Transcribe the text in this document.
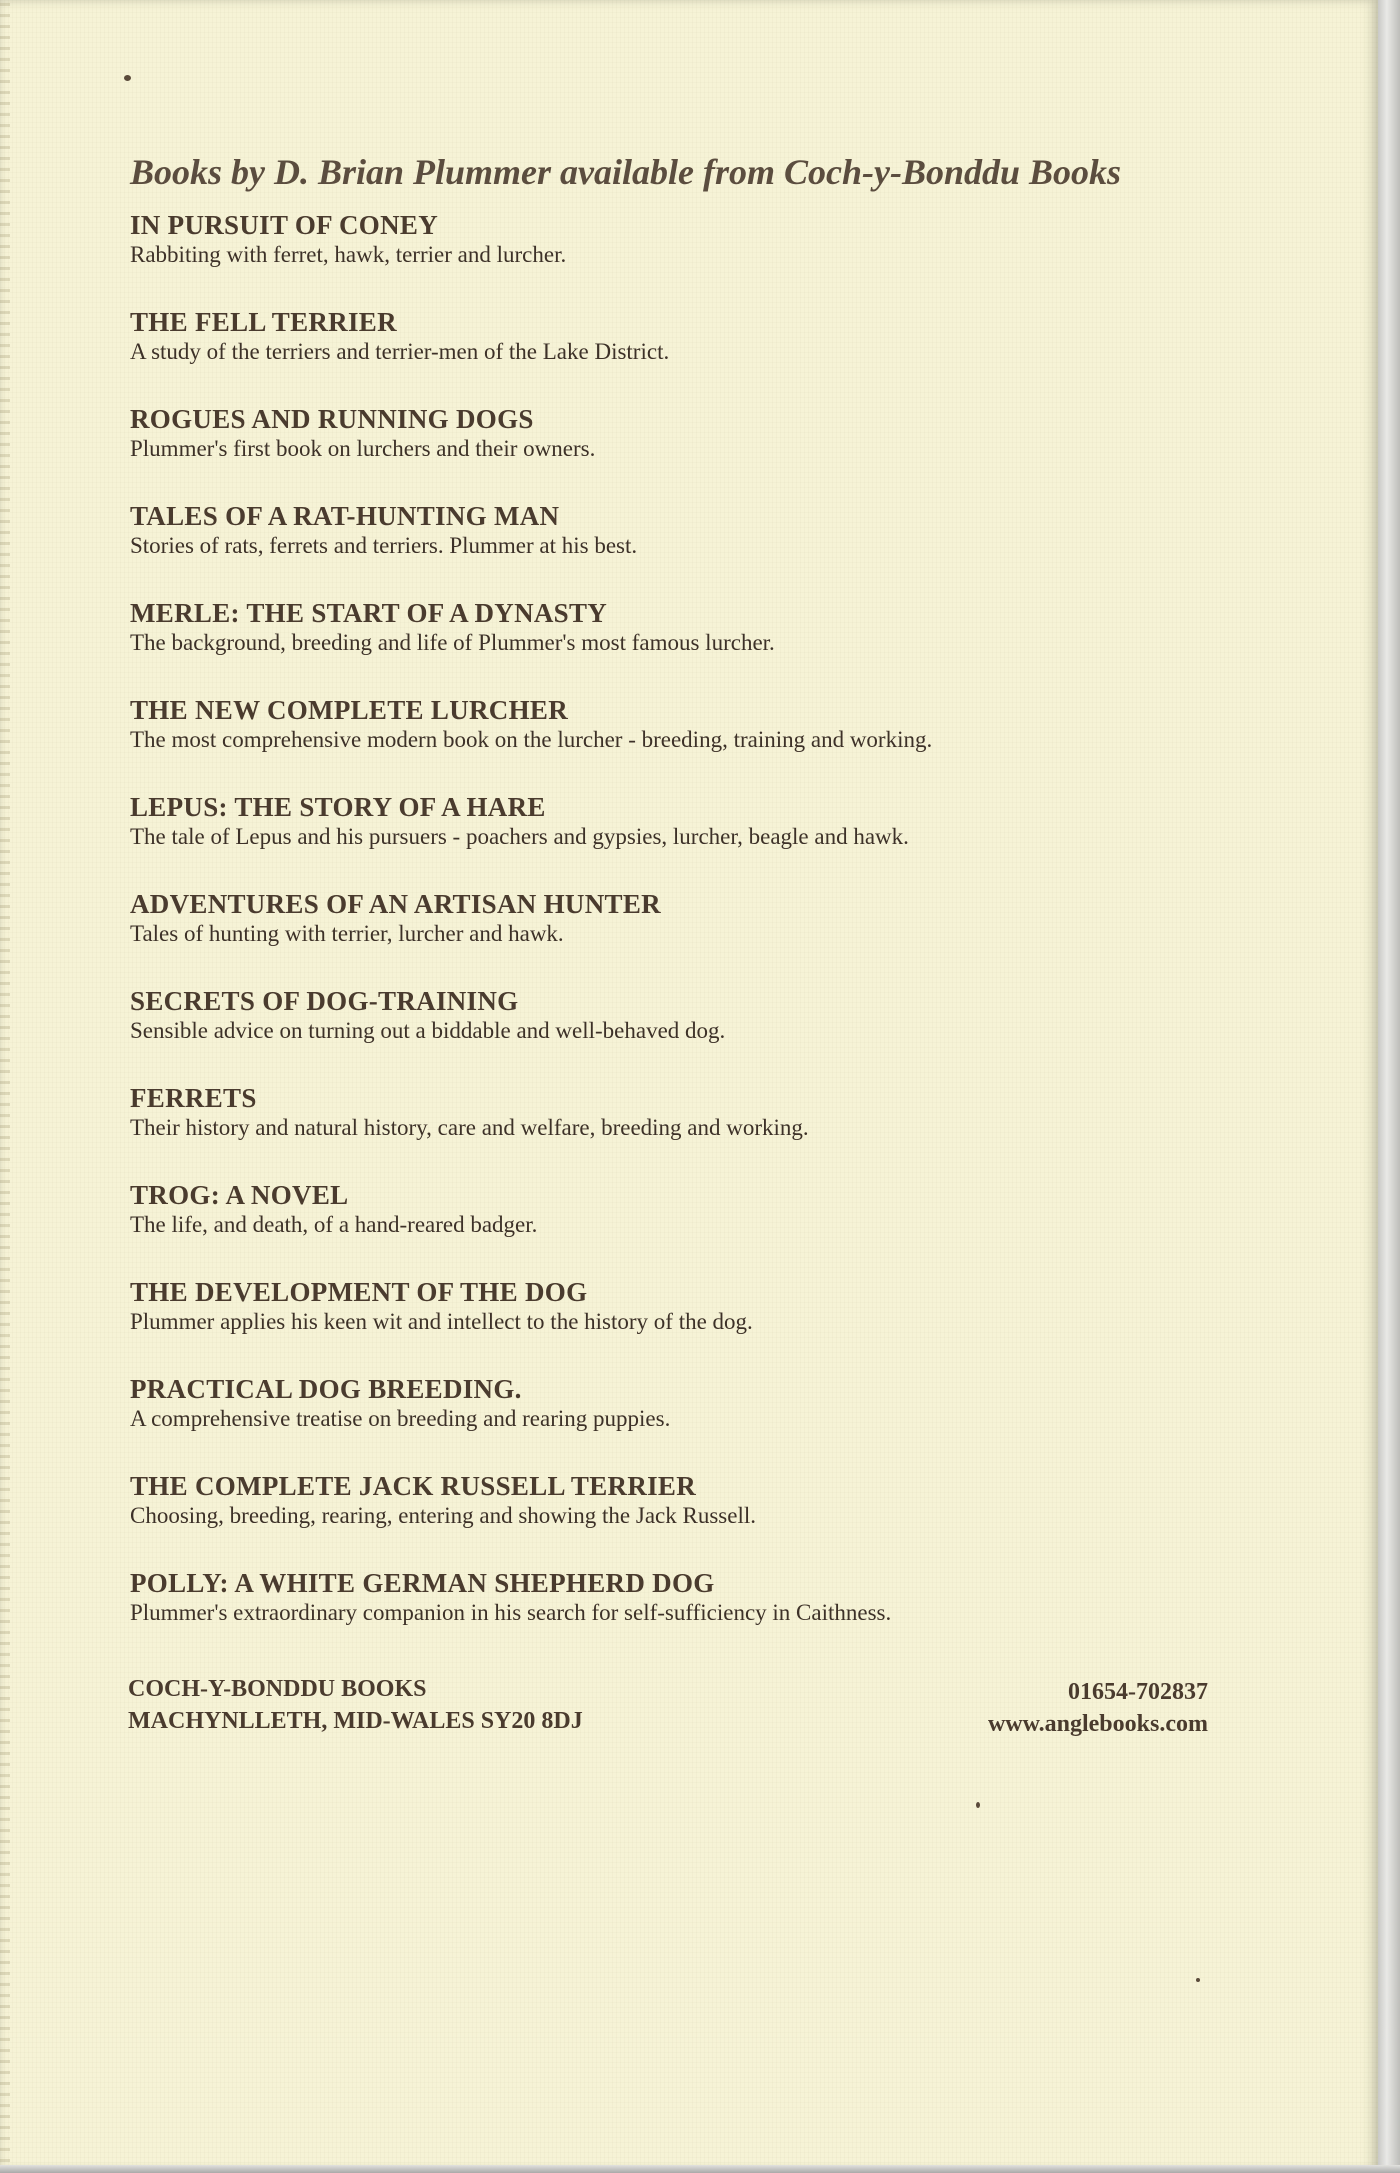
Books by D. Brian Plummer available from Coch-y-Bonddu Books
IN PURSUIT OF CONEY
Rabbiting with ferret, hawk, terrier and lurcher.
THE FELL TERRIER
A study of the terriers and terrier-men of the Lake District.
ROGUES AND RUNNING DOGS
Plummer's first book on lurchers and their owners.
TALES OF A RAT-HUNTING MAN
Stories of rats, ferrets and terriers. Plummer at his best.
MERLE: THE START OF A DYNASTY
The background, breeding and life of Plummer's most famous lurcher.
THE NEW COMPLETE LURCHER
The most comprehensive modern book on the lurcher - breeding, training and working.
LEPUS: THE STORY OF A HARE
The tale of Lepus and his pursuers - poachers and gypsies, lurcher, beagle and hawk.
ADVENTURES OF AN ARTISAN HUNTER
Tales of hunting with terrier, lurcher and hawk.
SECRETS OF DOG-TRAINING
Sensible advice on turning out a biddable and well-behaved dog.
FERRETS
Their history and natural history, care and welfare, breeding and working.
TROG: A NOVEL
The life, and death, of a hand-reared badger.
THE DEVELOPMENT OF THE DOG
Plummer applies his keen wit and intellect to the history of the dog.
PRACTICAL DOG BREEDING.
A comprehensive treatise on breeding and rearing puppies.
THE COMPLETE JACK RUSSELL TERRIER
Choosing, breeding, rearing, entering and showing the Jack Russell.
POLLY: A WHITE GERMAN SHEPHERD DOG
Plummer's extraordinary companion in his search for self-sufficiency in Caithness.
COCH-Y-BONDDU BOOKS
MACHYNLLETH, MID-WALES SY20 8DJ
01654-702837
www.anglebooks.com
